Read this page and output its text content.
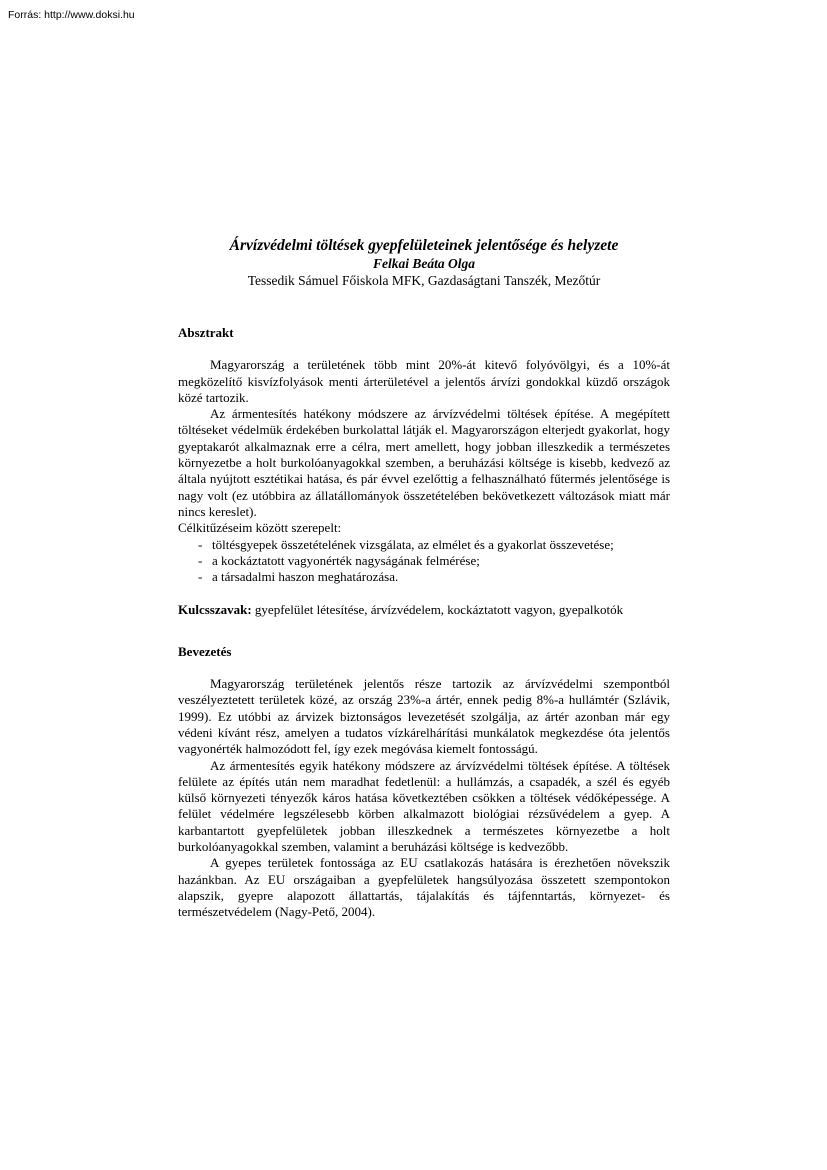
Forrás: http://www.doksi.hu
Árvízvédelmi töltések gyepfelületeinek jelentősége és helyzete
Felkai Beáta Olga
Tessedik Sámuel Főiskola MFK, Gazdaságtani Tanszék, Mezőtúr
Absztrakt

Magyarország a területének több mint 20%-át kitevő folyóvölgyi, és a 10%-át megközelítő kisvízfolyások menti árterületével a jelentős árvízi gondokkal küzdő országok közé tartozik.

Az ármentesítés hatékony módszere az árvízvédelmi töltések építése. A megépített töltéseket védelmük érdekében burkolattal látják el. Magyarországon elterjedt gyakorlat, hogy gyeptakarót alkalmaznak erre a célra, mert amellett, hogy jobban illeszkedik a természetes környezetbe a holt burkolóanyagokkal szemben, a beruházási költsége is kisebb, kedvező az általa nyújtott esztétikai hatása, és pár évvel ezelőttig a felhasználható fűtermés jelentősége is nagy volt (ez utóbbira az állatállományok összetételében bekövetkezett változások miatt már nincs kereslet).

Célkitűzéseim között szerepelt:

- töltésgyepek összetételének vizsgálata, az elmélet és a gyakorlat összevetése;
- a kockáztatott vagyonérték nagyságának felmérése;
- a társadalmi haszon meghatározása.
Kulcsszavak: gyepfelület létesítése, árvízvédelem, kockáztatott vagyon, gyepalkotók
Bevezetés

Magyarország területének jelentős része tartozik az árvízvédelmi szempontból veszélyeztetett területek közé, az ország 23%-a ártér, ennek pedig 8%-a hullámtér (Szlávik, 1999). Ez utóbbi az árvizek biztonságos levezetését szolgálja, az ártér azonban már egy védeni kívánt rész, amelyen a tudatos vízkárelhárítási munkálatok megkezdése óta jelentős vagyonérték halmozódott fel, így ezek megóvása kiemelt fontosságú.

Az ármentesítés egyik hatékony módszere az árvízvédelmi töltések építése. A töltések felülete az építés után nem maradhat fedetlenül: a hullámzás, a csapadék, a szél és egyéb külső környezeti tényezők káros hatása következtében csökken a töltések védőképessége. A felület védelmére legszélesebb körben alkalmazott biológiai rézsűvédelem a gyep. A karbantartott gyepfelületek jobban illeszkednek a természetes környezetbe a holt burkolóanyagokkal szemben, valamint a beruházási költsége is kedvezőbb.

A gyepes területek fontossága az EU csatlakozás hatására is érezhetően növekszik hazánkban. Az EU országaiban a gyepfelületek hangsúlyozása összetett szempontokon alapszik, gyepre alapozott állattartás, tájalakítás és tájfenntartás, környezet- és természetvédelem (Nagy-Pető, 2004).
